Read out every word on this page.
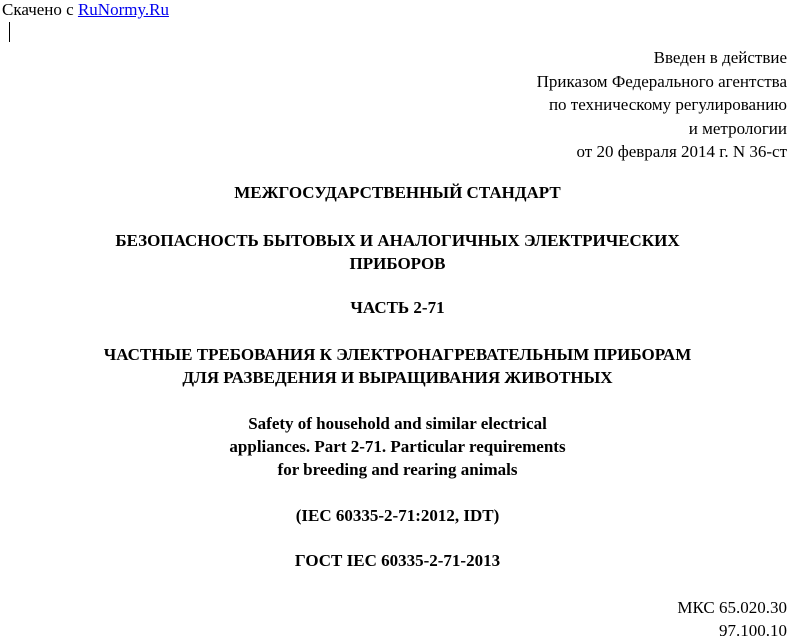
Скачено с RuNormy.Ru
Введен в действие
Приказом Федерального агентства
по техническому регулированию
и метрологии
от 20 февраля 2014 г. N 36-ст
МЕЖГОСУДАРСТВЕННЫЙ СТАНДАРТ
БЕЗОПАСНОСТЬ БЫТОВЫХ И АНАЛОГИЧНЫХ ЭЛЕКТРИЧЕСКИХ
ПРИБОРОВ
ЧАСТЬ 2-71
ЧАСТНЫЕ ТРЕБОВАНИЯ К ЭЛЕКТРОНАГРЕВАТЕЛЬНЫМ ПРИБОРАМ
ДЛЯ РАЗВЕДЕНИЯ И ВЫРАЩИВАНИЯ ЖИВОТНЫХ
Safety of household and similar electrical
appliances. Part 2-71. Particular requirements
for breeding and rearing animals
(IEC 60335-2-71:2012, IDT)
ГОСТ IEC 60335-2-71-2013
МКС 65.020.30
97.100.10
